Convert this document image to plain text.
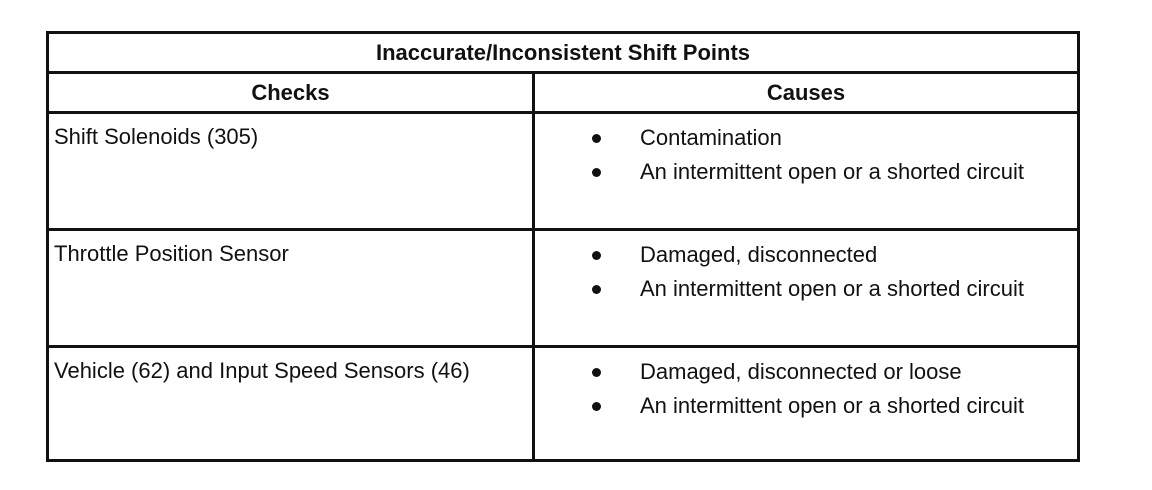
Inaccurate/Inconsistent Shift Points
Checks	Causes
Shift Solenoids (305)	Contamination
An intermittent open or a shorted circuit
Throttle Position Sensor	Damaged, disconnected
An intermittent open or a shorted circuit
Vehicle (62) and Input Speed Sensors (46)	Damaged, disconnected or loose
An intermittent open or a shorted circuit
